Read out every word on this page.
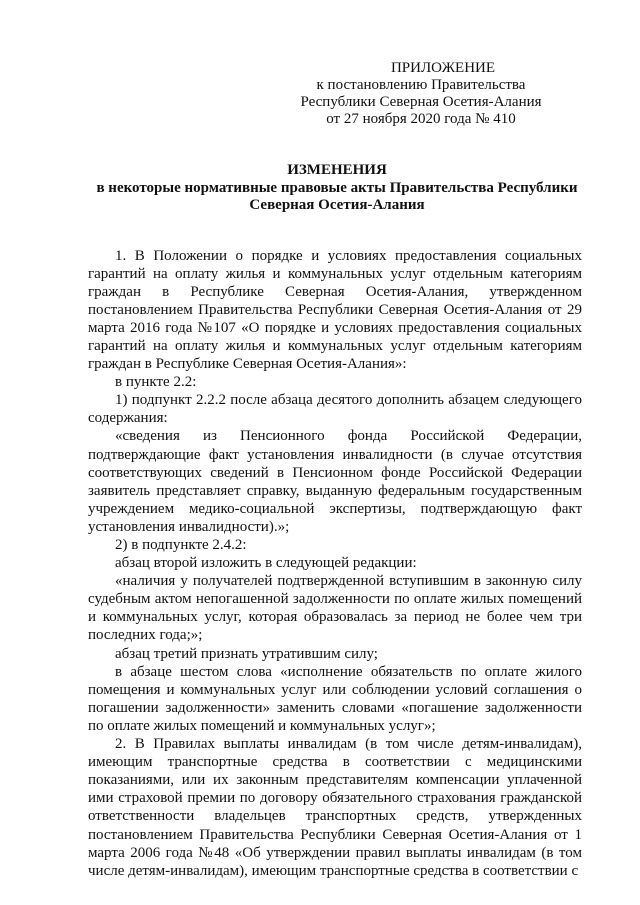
ПРИЛОЖЕНИЕ
к постановлению Правительства
Республики Северная Осетия-Алания
от 27 ноября 2020 года № 410
ИЗМЕНЕНИЯ
в некоторые нормативные правовые акты Правительства Республики Северная Осетия-Алания

1. В Положении о порядке и условиях предоставления социальных гарантий на оплату жилья и коммунальных услуг отдельным категориям граждан в Республике Северная Осетия-Алания, утвержденном постановлением Правительства Республики Северная Осетия-Алания от 29 марта 2016 года №107 «О порядке и условиях предоставления социальных гарантий на оплату жилья и коммунальных услуг отдельным категориям граждан в Республике Северная Осетия-Алания»:

в пункте 2.2:

1) подпункт 2.2.2 после абзаца десятого дополнить абзацем следующего содержания:

«сведения из Пенсионного фонда Российской Федерации, подтверждающие факт установления инвалидности (в случае отсутствия соответствующих сведений в Пенсионном фонде Российской Федерации заявитель представляет справку, выданную федеральным государственным учреждением медико-социальной экспертизы, подтверждающую факт установления инвалидности).»;

2) в подпункте 2.4.2:

абзац второй изложить в следующей редакции:

«наличия у получателей подтвержденной вступившим в законную силу судебным актом непогашенной задолженности по оплате жилых помещений и коммунальных услуг, которая образовалась за период не более чем три последних года;»;

абзац третий признать утратившим силу;

в абзаце шестом слова «исполнение обязательств по оплате жилого помещения и коммунальных услуг или соблюдении условий соглашения о погашении задолженности» заменить словами «погашение задолженности по оплате жилых помещений и коммунальных услуг»;

2. В Правилах выплаты инвалидам (в том числе детям-инвалидам), имеющим транспортные средства в соответствии с медицинскими показаниями, или их законным представителям компенсации уплаченной ими страховой премии по договору обязательного страхования гражданской ответственности владельцев транспортных средств, утвержденных постановлением Правительства Республики Северная Осетия-Алания от 1 марта 2006 года №48 «Об утверждении правил выплаты инвалидам (в том числе детям-инвалидам), имеющим транспортные средства в соответствии с
